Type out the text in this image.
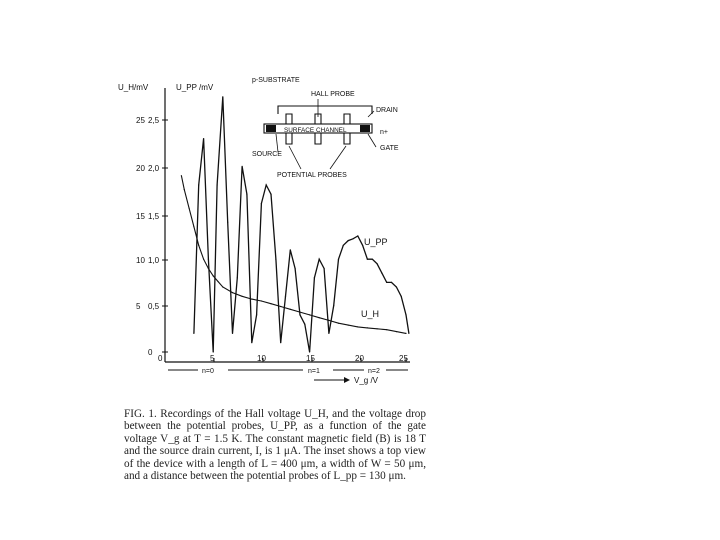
U_H/mV	U_PP /mV
25 2,5
20 2,0
15 1,5
10 1,0
5 0,5
0
0	5	10	15	20	25
n=0	n=1	n=2
V_g /V
U_PP
U_H
p-SUBSTRATE
HALL PROBE
DRAIN
SURFACE CHANNEL	n+
GATE
SOURCE
POTENTIAL PROBES
FIG. 1. Recordings of the Hall voltage U_H, and the voltage drop between the potential probes, U_PP, as a function of the gate voltage V_g at T = 1.5 K. The constant magnetic field (B) is 18 T and the source drain current, I, is 1 μA. The inset shows a top view of the device with a length of L = 400 μm, a width of W = 50 μm, and a distance between the potential probes of L_pp = 130 μm.
